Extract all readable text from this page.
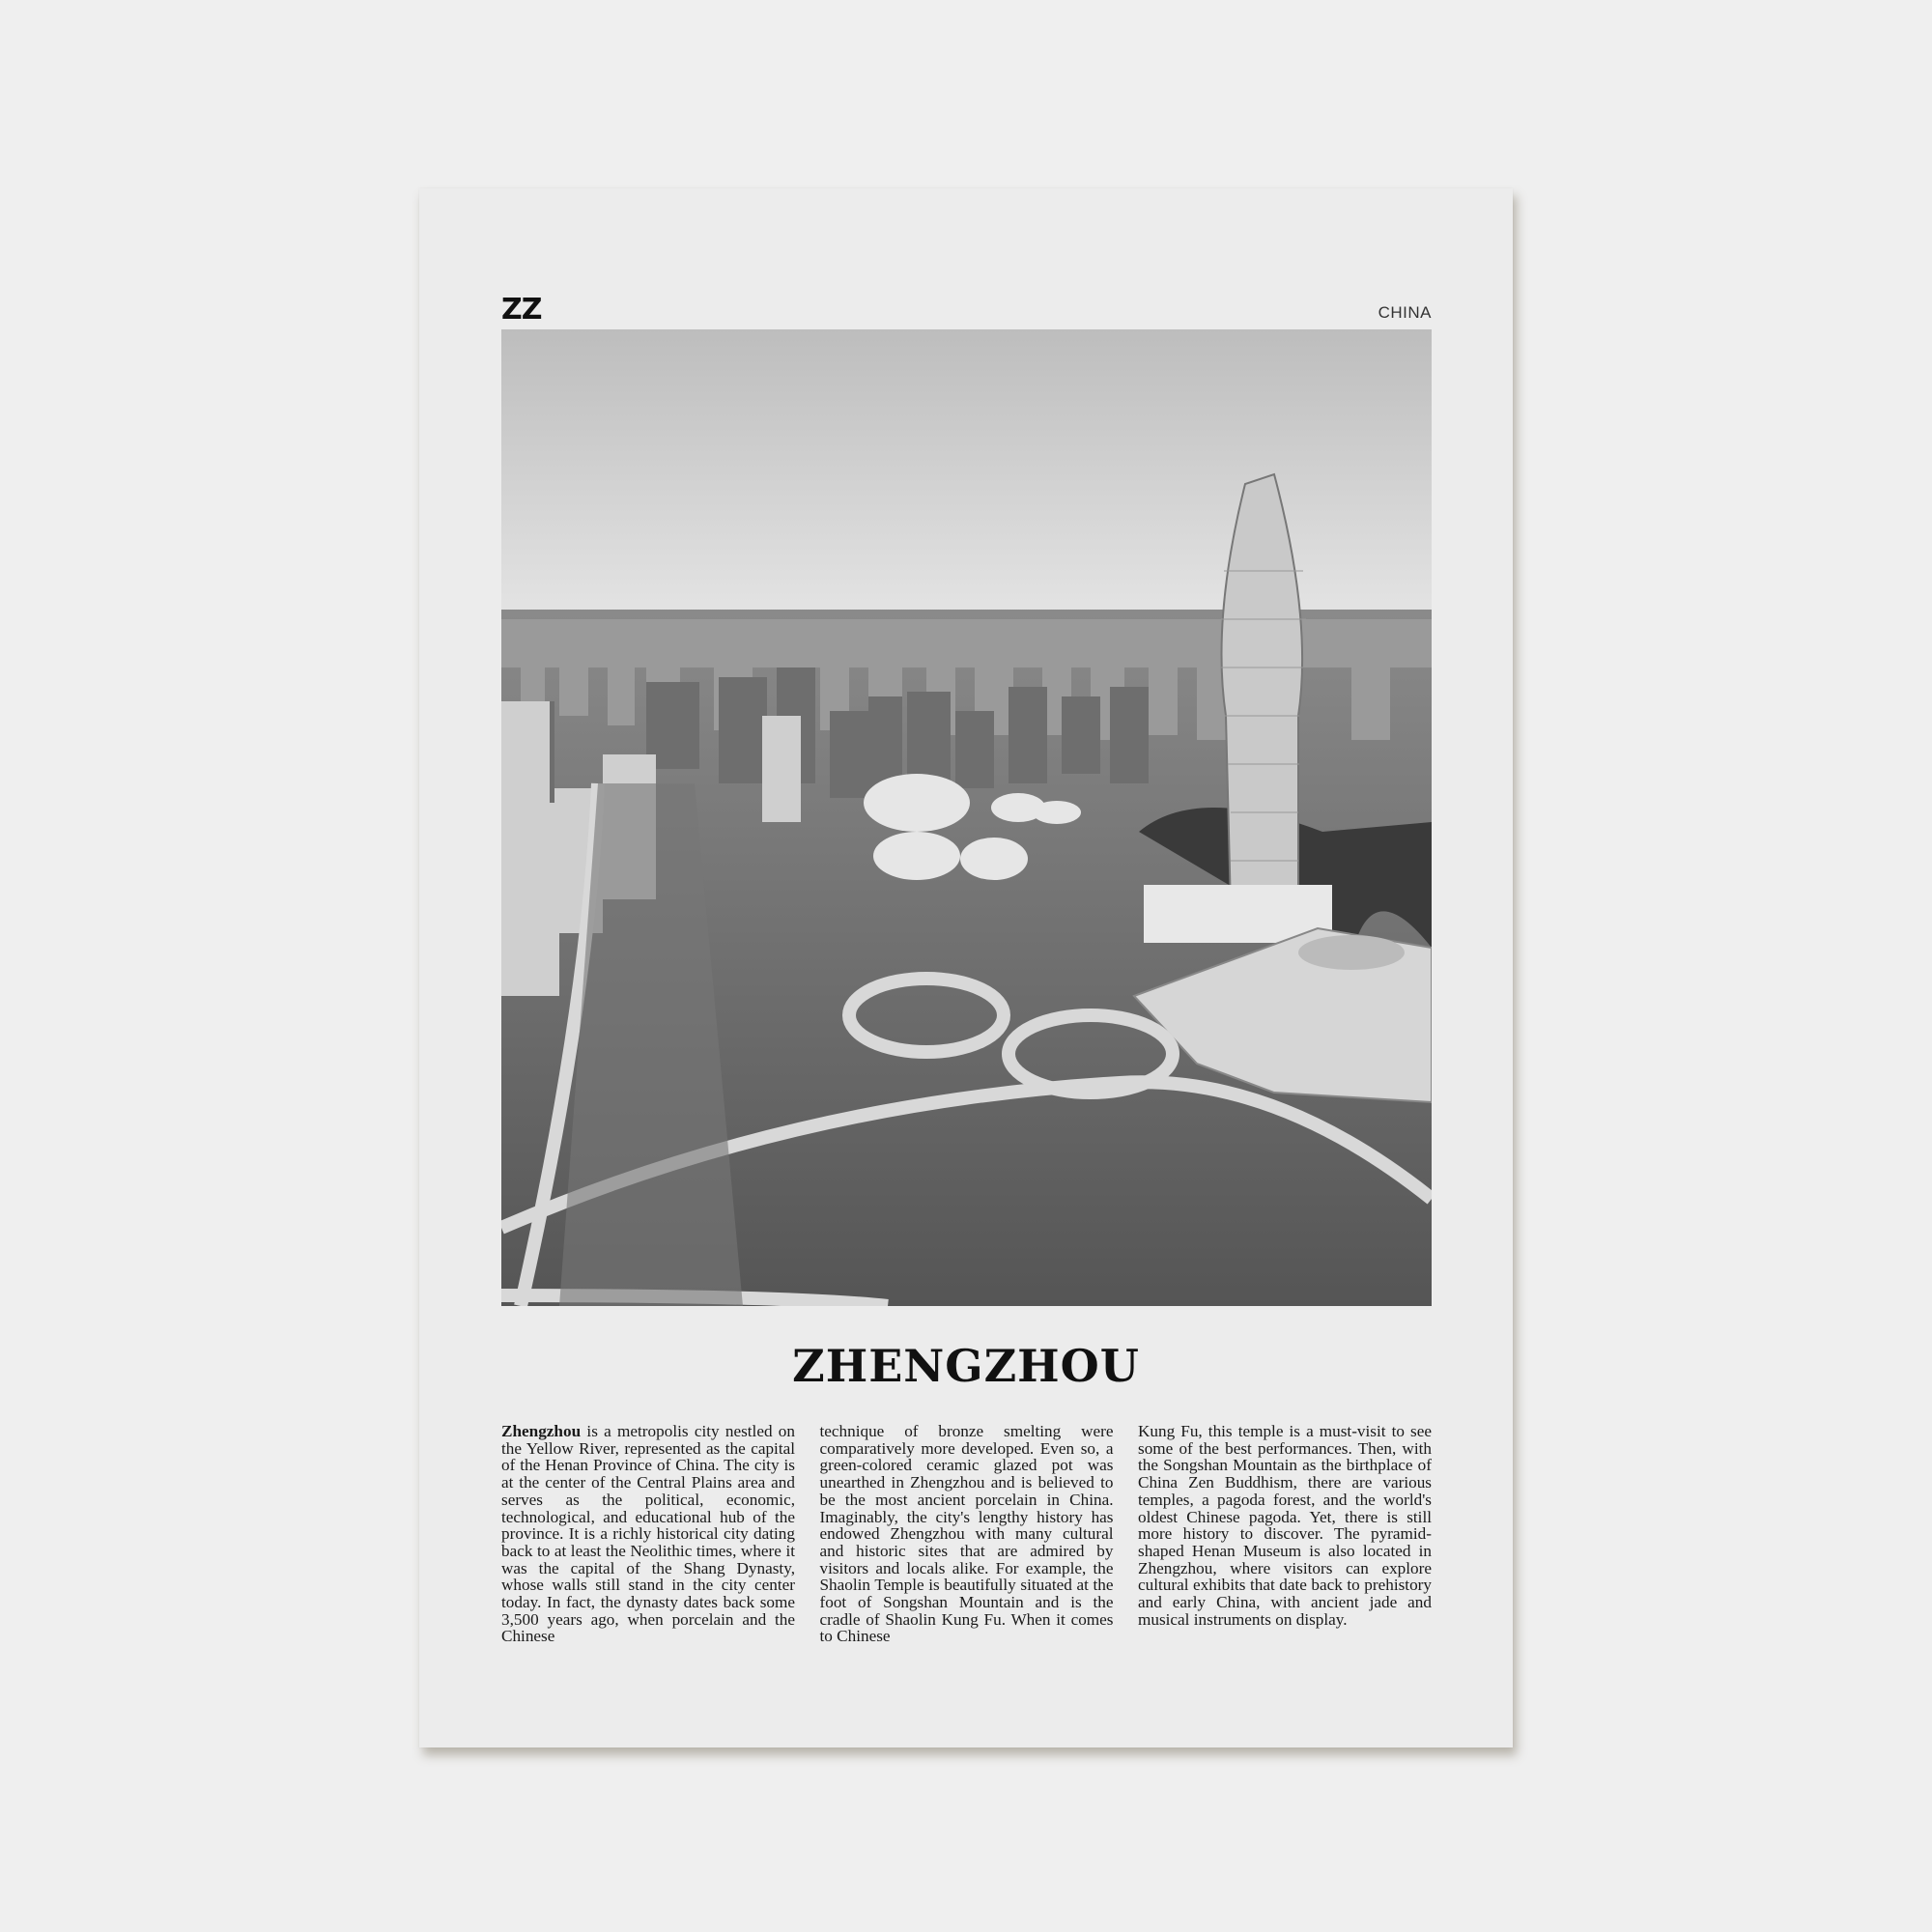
ZZ	CHINA
ZHENGZHOU
Zhengzhou is a metropolis city nestled on the Yellow River, represented as the capital of the Henan Province of China. The city is at the center of the Central Plains area and serves as the political, economic, technological, and educational hub of the province. It is a richly historical city dating back to at least the Neolithic times, where it was the capital of the Shang Dynasty, whose walls still stand in the city center today. In fact, the dynasty dates back some 3,500 years ago, when porcelain and the Chinese
technique of bronze smelting were comparatively more developed. Even so, a green-colored ceramic glazed pot was unearthed in Zhengzhou and is believed to be the most ancient porcelain in China. Imaginably, the city's lengthy history has endowed Zhengzhou with many cultural and historic sites that are admired by visitors and locals alike. For example, the Shaolin Temple is beautifully situated at the foot of Songshan Mountain and is the cradle of Shaolin Kung Fu. When it comes to Chinese
Kung Fu, this temple is a must-visit to see some of the best performances. Then, with the Songshan Mountain as the birthplace of China Zen Buddhism, there are various temples, a pagoda forest, and the world's oldest Chinese pagoda. Yet, there is still more history to discover. The pyramid-shaped Henan Museum is also located in Zhengzhou, where visitors can explore cultural exhibits that date back to prehistory and early China, with ancient jade and musical instruments on display.
